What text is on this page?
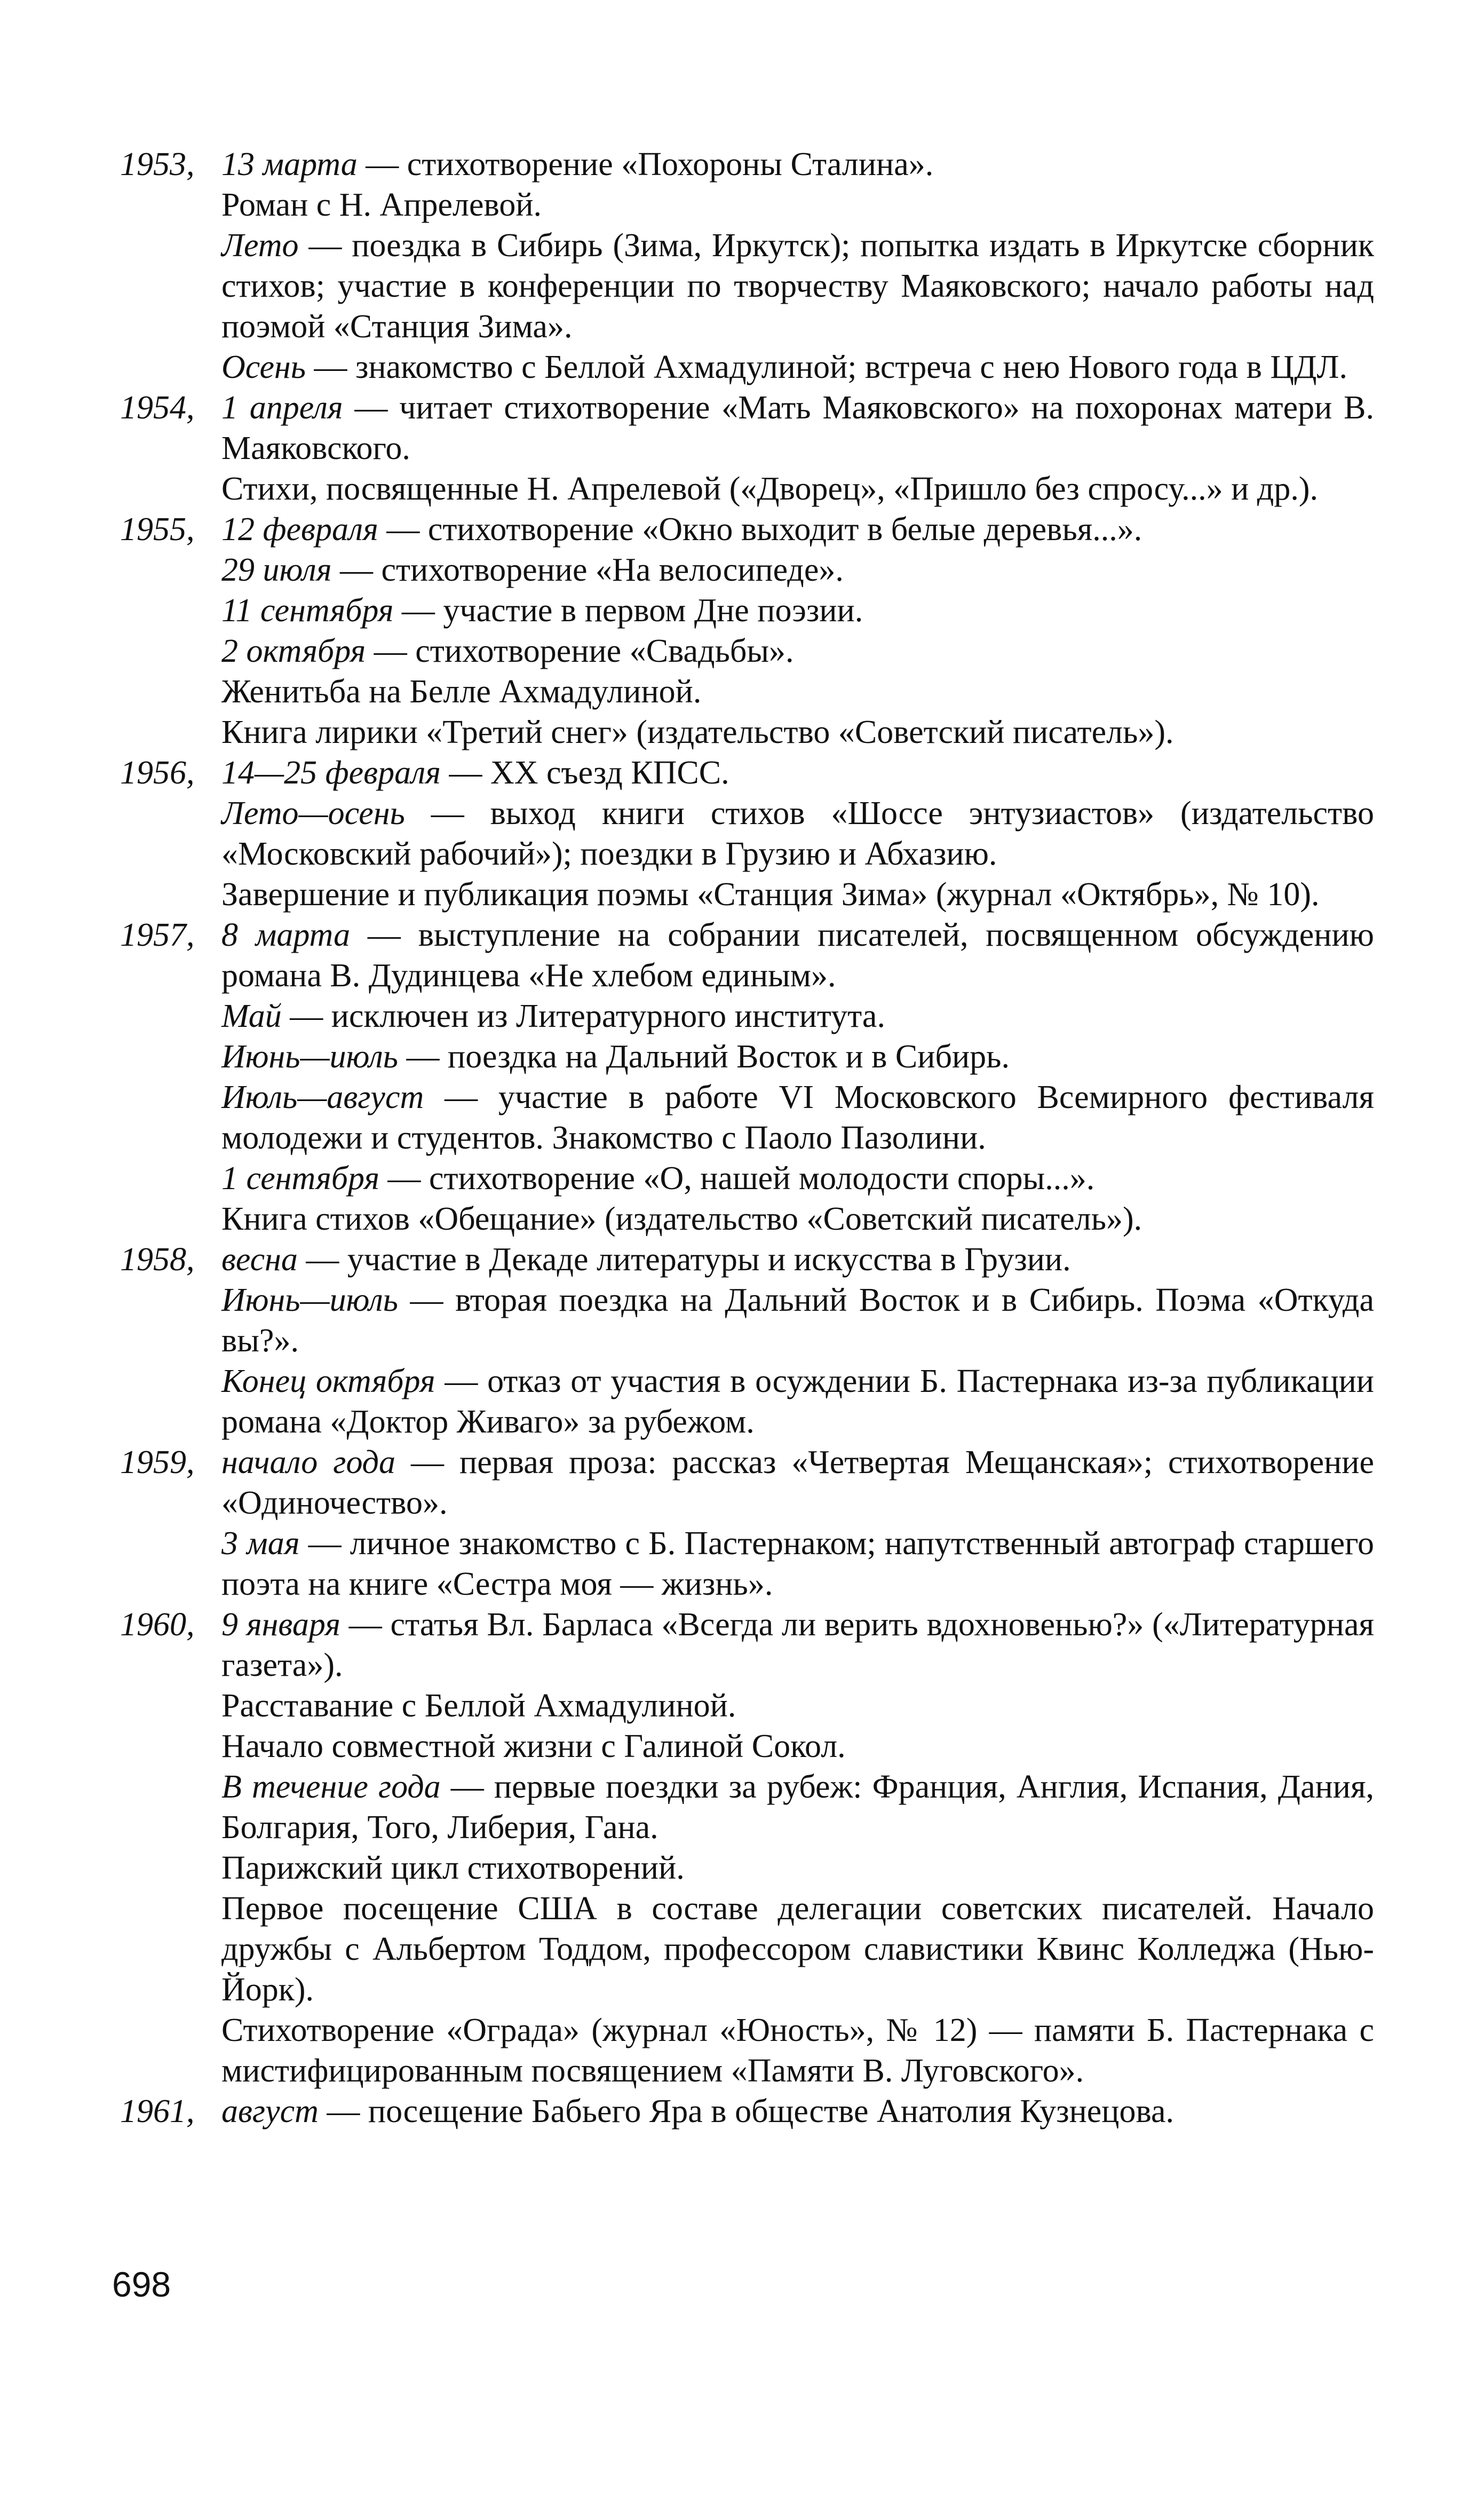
1953, 13 марта — стихотворение «Похороны Сталина».

Роман с Н. Апрелевой.

Лето — поездка в Сибирь (Зима, Иркутск); попытка издать в Иркутске сборник стихов; участие в конференции по творчеству Маяковского; начало работы над поэмой «Станция Зима».

Осень — знакомство с Беллой Ахмадулиной; встреча с нею Нового года в ЦДЛ.

1954, 1 апреля — читает стихотворение «Мать Маяковского» на похоронах матери В. Маяковского.

Стихи, посвященные Н. Апрелевой («Дворец», «Пришло без спросу...» и др.).

1955, 12 февраля — стихотворение «Окно выходит в белые деревья...».

29 июля — стихотворение «На велосипеде».

11 сентября — участие в первом Дне поэзии.

2 октября — стихотворение «Свадьбы».

Женитьба на Белле Ахмадулиной.

Книга лирики «Третий снег» (издательство «Советский писатель»).

1956, 14—25 февраля — XX съезд КПСС.

Лето—осень — выход книги стихов «Шоссе энтузиастов» (издательство «Московский рабочий»); поездки в Грузию и Абхазию.

Завершение и публикация поэмы «Станция Зима» (журнал «Октябрь», № 10).

1957, 8 марта — выступление на собрании писателей, посвященном обсуждению романа В. Дудинцева «Не хлебом единым».

Май — исключен из Литературного института.

Июнь—июль — поездка на Дальний Восток и в Сибирь.

Июль—август — участие в работе VI Московского Всемирного фестиваля молодежи и студентов. Знакомство с Паоло Пазолини.

1 сентября — стихотворение «О, нашей молодости споры...».

Книга стихов «Обещание» (издательство «Советский писатель»).

1958, весна — участие в Декаде литературы и искусства в Грузии.

Июнь—июль — вторая поездка на Дальний Восток и в Сибирь. Поэма «Откуда вы?».

Конец октября — отказ от участия в осуждении Б. Пастернака из-за публикации романа «Доктор Живаго» за рубежом.

1959, начало года — первая проза: рассказ «Четвертая Мещанская»; стихотворение «Одиночество».

3 мая — личное знакомство с Б. Пастернаком; напутственный автограф старшего поэта на книге «Сестра моя — жизнь».

1960, 9 января — статья Вл. Барласа «Всегда ли верить вдохновенью?» («Литературная газета»).

Расставание с Беллой Ахмадулиной.

Начало совместной жизни с Галиной Сокол.

В течение года — первые поездки за рубеж: Франция, Англия, Испания, Дания, Болгария, Того, Либерия, Гана.

Парижский цикл стихотворений.

Первое посещение США в составе делегации советских писателей. Начало дружбы с Альбертом Тоддом, профессором славистики Квинс Колледжа (Нью-Йорк).

Стихотворение «Ограда» (журнал «Юность», № 12) — памяти Б. Пастернака с мистифицированным посвящением «Памяти В. Луговского».

1961, август — посещение Бабьего Яра в обществе Анатолия Кузнецова.

698
